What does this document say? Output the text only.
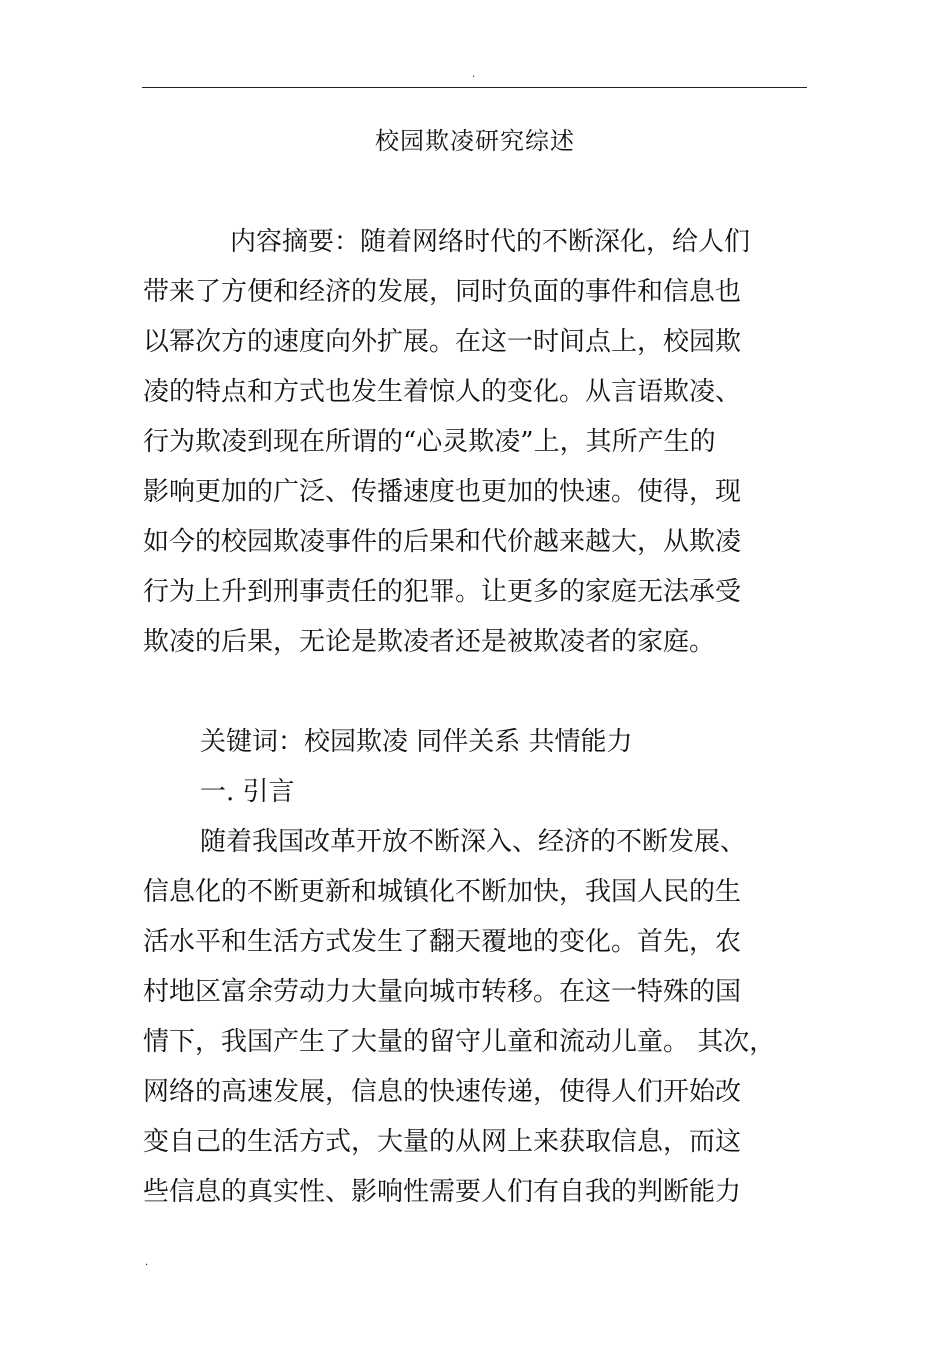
.
校园欺凌研究综述
内容摘要：随着网络时代的不断深化，给人们
带来了方便和经济的发展，同时负面的事件和信息也
以幂次方的速度向外扩展。在这一时间点上，校园欺
凌的特点和方式也发生着惊人的变化。从言语欺凌、
行为欺凌到现在所谓的“心灵欺凌”上，其所产生的
影响更加的广泛、传播速度也更加的快速。使得，现
如今的校园欺凌事件的后果和代价越来越大，从欺凌
行为上升到刑事责任的犯罪。让更多的家庭无法承受
欺凌的后果，无论是欺凌者还是被欺凌者的家庭。
关键词：校园欺凌 同伴关系 共情能力
一. 引言
随着我国改革开放不断深入、经济的不断发展、
信息化的不断更新和城镇化不断加快，我国人民的生
活水平和生活方式发生了翻天覆地的变化。首先，农
村地区富余劳动力大量向城市转移。在这一特殊的国
情下，我国产生了大量的留守儿童和流动儿童。 其次，
网络的高速发展，信息的快速传递，使得人们开始改
变自己的生活方式，大量的从网上来获取信息，而这
些信息的真实性、影响性需要人们有自我的判断能力
.
